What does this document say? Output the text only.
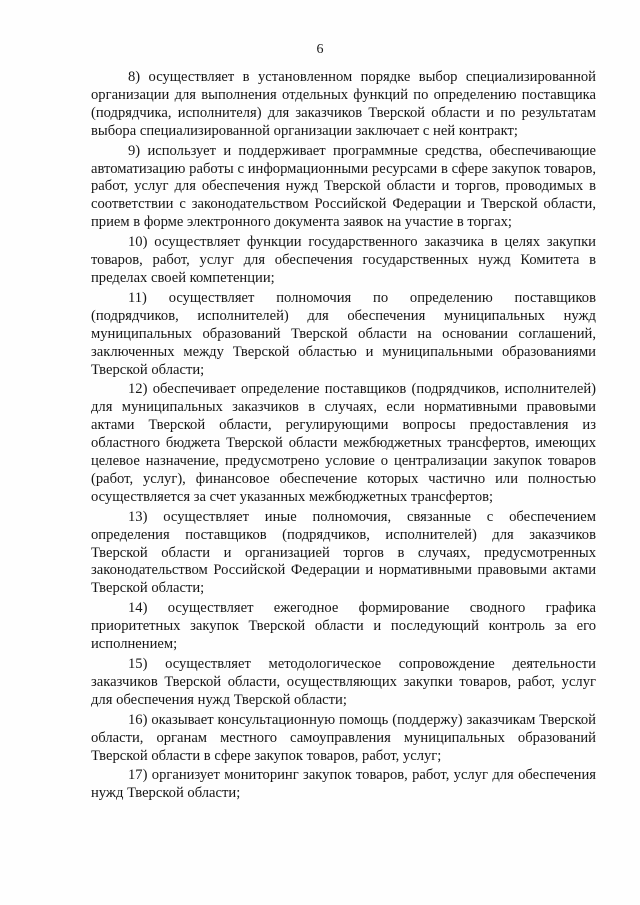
6

8) осуществляет в установленном порядке выбор специализированной организации для выполнения отдельных функций по определению поставщика (подрядчика, исполнителя) для заказчиков Тверской области и по результатам выбора специализированной организации заключает с ней контракт;

9) использует и поддерживает программные средства, обеспечивающие автоматизацию работы с информационными ресурсами в сфере закупок товаров, работ, услуг для обеспечения нужд Тверской области и торгов, проводимых в соответствии с законодательством Российской Федерации и Тверской области, прием в форме электронного документа заявок на участие в торгах;

10) осуществляет функции государственного заказчика в целях закупки товаров, работ, услуг для обеспечения государственных нужд Комитета в пределах своей компетенции;

11) осуществляет полномочия по определению поставщиков (подрядчиков, исполнителей) для обеспечения муниципальных нужд муниципальных образований Тверской области на основании соглашений, заключенных между Тверской областью и муниципальными образованиями Тверской области;

12) обеспечивает определение поставщиков (подрядчиков, исполнителей) для муниципальных заказчиков в случаях, если нормативными правовыми актами Тверской области, регулирующими вопросы предоставления из областного бюджета Тверской области межбюджетных трансфертов, имеющих целевое назначение, предусмотрено условие о централизации закупок товаров (работ, услуг), финансовое обеспечение которых частично или полностью осуществляется за счет указанных межбюджетных трансфертов;

13) осуществляет иные полномочия, связанные с обеспечением определения поставщиков (подрядчиков, исполнителей) для заказчиков Тверской области и организацией торгов в случаях, предусмотренных законодательством Российской Федерации и нормативными правовыми актами Тверской области;

14) осуществляет ежегодное формирование сводного графика приоритетных закупок Тверской области и последующий контроль за его исполнением;

15) осуществляет методологическое сопровождение деятельности заказчиков Тверской области, осуществляющих закупки товаров, работ, услуг для обеспечения нужд Тверской области;

16) оказывает консультационную помощь (поддержу) заказчикам Тверской области, органам местного самоуправления муниципальных образований Тверской области в сфере закупок товаров, работ, услуг;

17) организует мониторинг закупок товаров, работ, услуг для обеспечения нужд Тверской области;
